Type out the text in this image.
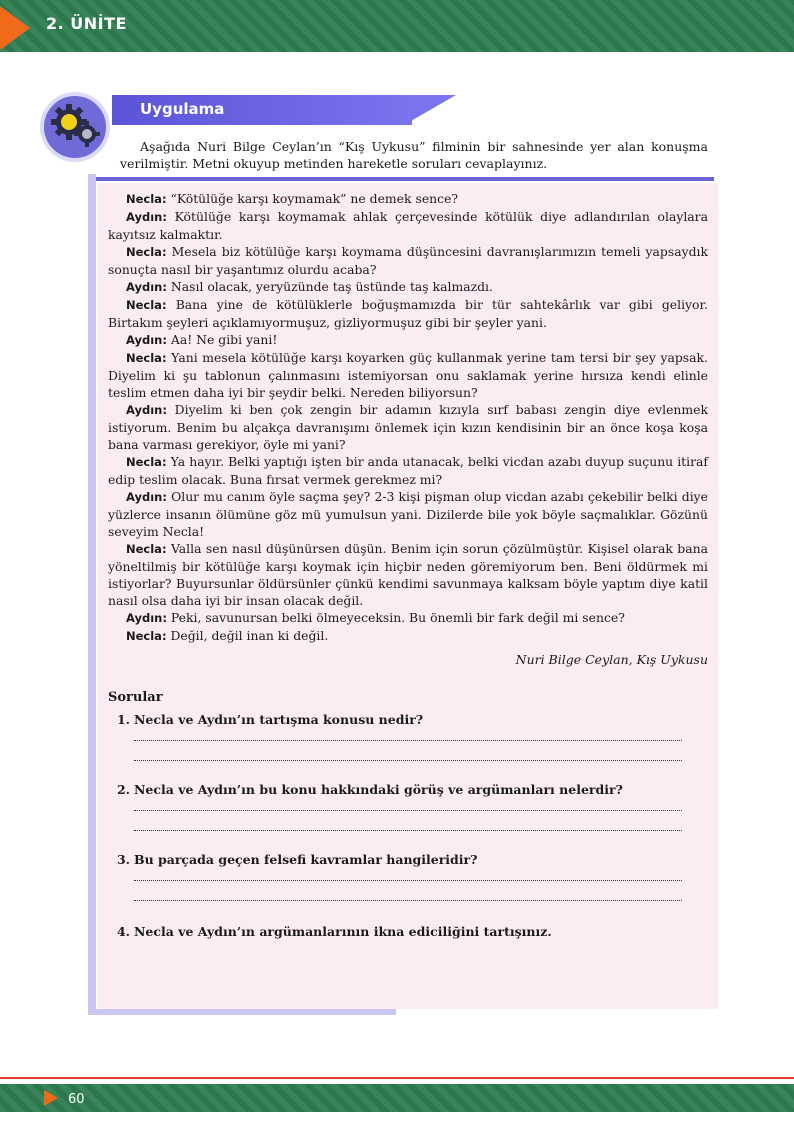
2. ÜNİTE
Uygulama

Aşağıda Nuri Bilge Ceylan’ın “Kış Uykusu” filminin bir sahnesinde yer alan konuşma verilmiştir. Metni okuyup metinden hareketle soruları cevaplayınız.

Necla: “Kötülüğe karşı koymamak” ne demek sence?

Aydın: Kötülüğe karşı koymamak ahlak çerçevesinde kötülük diye adlandırılan olaylara kayıtsız kalmaktır.

Necla: Mesela biz kötülüğe karşı koymama düşüncesini davranışlarımızın temeli yapsaydık sonuçta nasıl bir yaşantımız olurdu acaba?

Aydın: Nasıl olacak, yeryüzünde taş üstünde taş kalmazdı.

Necla: Bana yine de kötülüklerle boğuşmamızda bir tür sahtekârlık var gibi geliyor. Birtakım şeyleri açıklamıyormuşuz, gizliyormuşuz gibi bir şeyler yani.

Aydın: Aa! Ne gibi yani!

Necla: Yani mesela kötülüğe karşı koyarken güç kullanmak yerine tam tersi bir şey yapsak. Diyelim ki şu tablonun çalınmasını istemiyorsan onu saklamak yerine hırsıza kendi elinle teslim etmen daha iyi bir şeydir belki. Nereden biliyorsun?

Aydın: Diyelim ki ben çok zengin bir adamın kızıyla sırf babası zengin diye evlenmek istiyorum. Benim bu alçakça davranışımı önlemek için kızın kendisinin bir an önce koşa koşa bana varması gerekiyor, öyle mi yani?

Necla: Ya hayır. Belki yaptığı işten bir anda utanacak, belki vicdan azabı duyup suçunu itiraf edip teslim olacak. Buna fırsat vermek gerekmez mi?

Aydın: Olur mu canım öyle saçma şey? 2-3 kişi pişman olup vicdan azabı çekebilir belki diye yüzlerce insanın ölümüne göz mü yumulsun yani. Dizilerde bile yok böyle saçmalıklar. Gözünü seveyim Necla!

Necla: Valla sen nasıl düşünürsen düşün. Benim için sorun çözülmüştür. Kişisel olarak bana yöneltilmiş bir kötülüğe karşı koymak için hiçbir neden göremiyorum ben. Beni öldürmek mi istiyorlar? Buyursunlar öldürsünler çünkü kendimi savunmaya kalksam böyle yaptım diye katil nasıl olsa daha iyi bir insan olacak değil.

Aydın: Peki, savunursan belki ölmeyeceksin. Bu önemli bir fark değil mi sence?

Necla: Değil, değil inan ki değil.

Nuri Bilge Ceylan, Kış Uykusu
Sorular
1. Necla ve Aydın’ın tartışma konusu nedir?
2. Necla ve Aydın’ın bu konu hakkındaki görüş ve argümanları nelerdir?
3. Bu parçada geçen felsefi kavramlar hangileridir?
4. Necla ve Aydın’ın argümanlarının ikna ediciliğini tartışınız.
60
